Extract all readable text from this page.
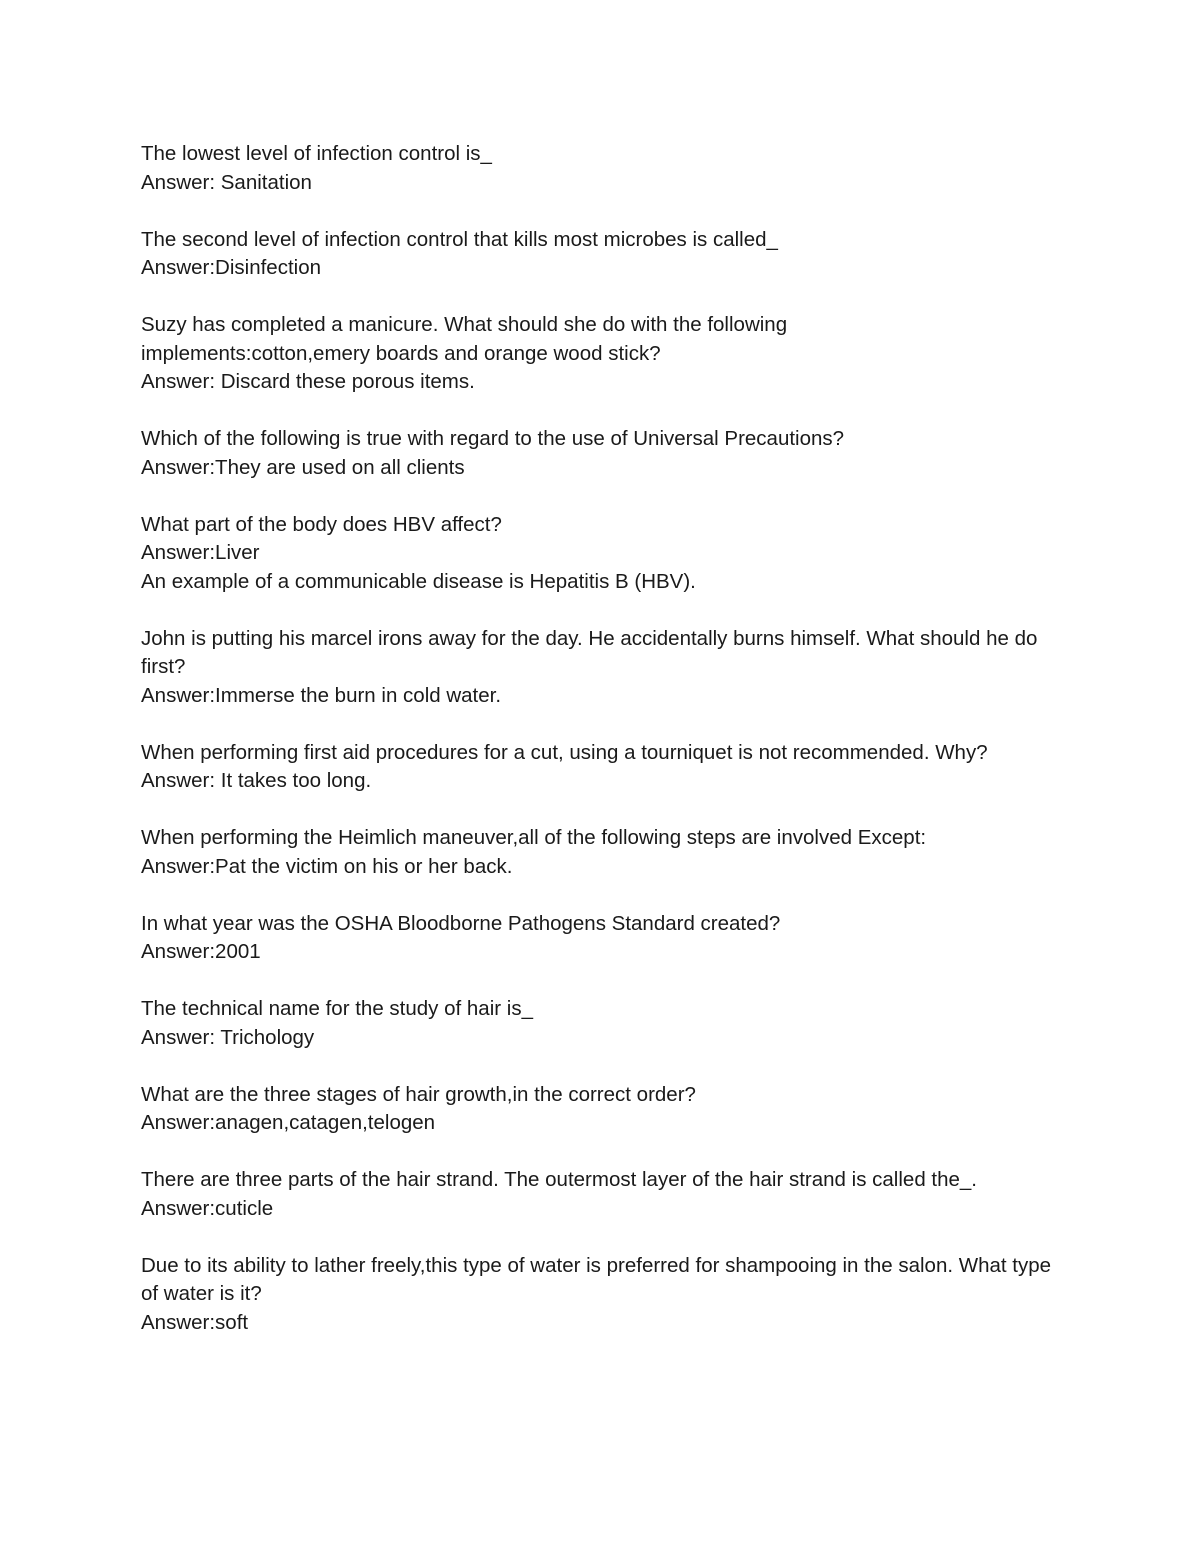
The lowest level of infection control is_
Answer: Sanitation
The second level of infection control that kills most microbes is called_
Answer:Disinfection
Suzy has completed a manicure. What should she do with the following implements:cotton,emery boards and orange wood stick?
Answer: Discard these porous items.
Which of the following is true with regard to the use of Universal Precautions?
Answer:They are used on all clients
What part of the body does HBV affect?
Answer:Liver
An example of a communicable disease is Hepatitis B (HBV).
John is putting his marcel irons away for the day. He accidentally burns himself. What should he do first?
Answer:Immerse the burn in cold water.
When performing first aid procedures for a cut, using a tourniquet is not recommended. Why?
Answer: It takes too long.
When performing the Heimlich maneuver,all of the following steps are involved Except:
Answer:Pat the victim on his or her back.
In what year was the OSHA Bloodborne Pathogens Standard created?
Answer:2001
The technical name for the study of hair is_
Answer: Trichology
What are the three stages of hair growth,in the correct order?
Answer:anagen,catagen,telogen
There are three parts of the hair strand. The outermost layer of the hair strand is called the_.
Answer:cuticle
Due to its ability to lather freely,this type of water is preferred for shampooing in the salon. What type of water is it?
Answer:soft
